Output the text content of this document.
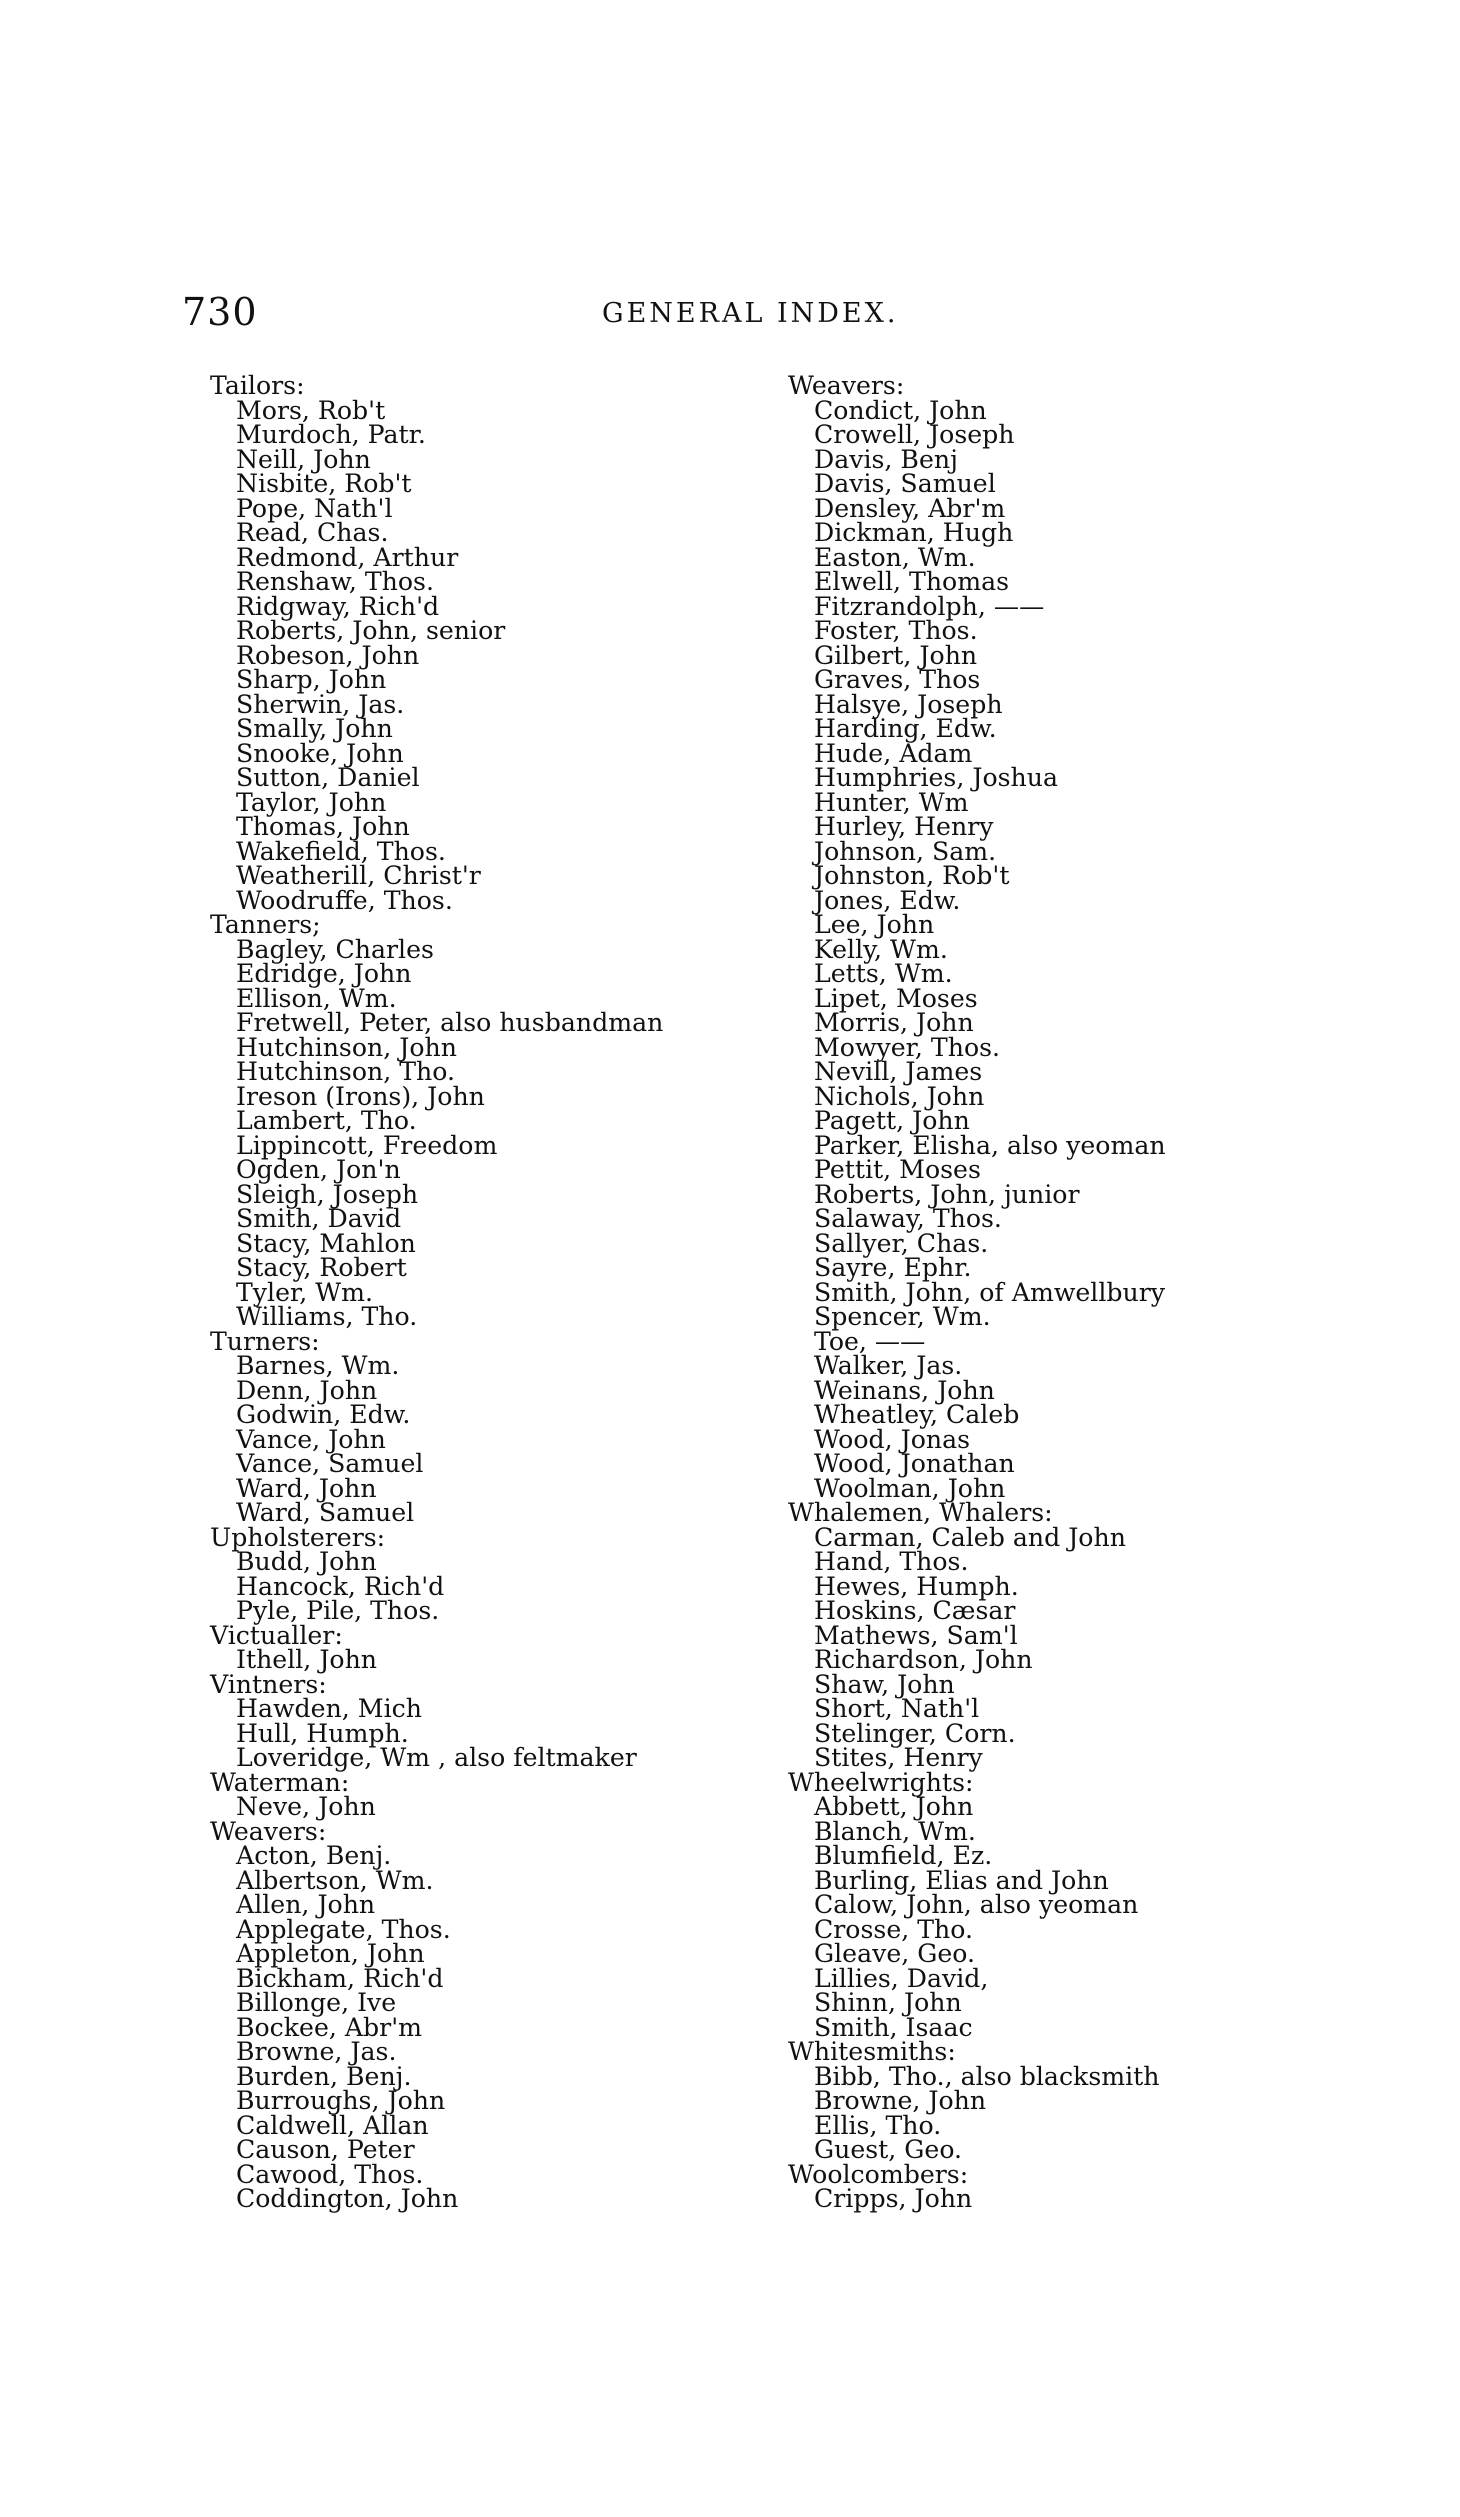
730	GENERAL INDEX.
Tailors:
Mors, Rob't
Murdoch, Patr.
Neill, John
Nisbite, Rob't
Pope, Nath'l
Read, Chas.
Redmond, Arthur
Renshaw, Thos.
Ridgway, Rich'd
Roberts, John, senior
Robeson, John
Sharp, John
Sherwin, Jas.
Smally, John
Snooke, John
Sutton, Daniel
Taylor, John
Thomas, John
Wakefield, Thos.
Weatherill, Christ'r
Woodruffe, Thos.
Tanners;
Bagley, Charles
Edridge, John
Ellison, Wm.
Fretwell, Peter, also husbandman
Hutchinson, John
Hutchinson, Tho.
Ireson (Irons), John
Lambert, Tho.
Lippincott, Freedom
Ogden, Jon'n
Sleigh, Joseph
Smith, David
Stacy, Mahlon
Stacy, Robert
Tyler, Wm.
Williams, Tho.
Turners:
Barnes, Wm.
Denn, John
Godwin, Edw.
Vance, John
Vance, Samuel
Ward, John
Ward, Samuel
Upholsterers:
Budd, John
Hancock, Rich'd
Pyle, Pile, Thos.
Victualler:
Ithell, John
Vintners:
Hawden, Mich
Hull, Humph.
Loveridge, Wm , also feltmaker
Waterman:
Neve, John
Weavers:
Acton, Benj.
Albertson, Wm.
Allen, John
Applegate, Thos.
Appleton, John
Bickham, Rich'd
Billonge, Ive
Bockee, Abr'm
Browne, Jas.
Burden, Benj.
Burroughs, John
Caldwell, Allan
Causon, Peter
Cawood, Thos.
Coddington, John
Weavers:
Condict, John
Crowell, Joseph
Davis, Benj
Davis, Samuel
Densley, Abr'm
Dickman, Hugh
Easton, Wm.
Elwell, Thomas
Fitzrandolph, ——
Foster, Thos.
Gilbert, John
Graves, Thos
Halsye, Joseph
Harding, Edw.
Hude, Adam
Humphries, Joshua
Hunter, Wm
Hurley, Henry
Johnson, Sam.
Johnston, Rob't
Jones, Edw.
Lee, John
Kelly, Wm.
Letts, Wm.
Lipet, Moses
Morris, John
Mowyer, Thos.
Nevill, James
Nichols, John
Pagett, John
Parker, Elisha, also yeoman
Pettit, Moses
Roberts, John, junior
Salaway, Thos.
Sallyer, Chas.
Sayre, Ephr.
Smith, John, of Amwellbury
Spencer, Wm.
Toe, ——
Walker, Jas.
Weinans, John
Wheatley, Caleb
Wood, Jonas
Wood, Jonathan
Woolman, John
Whalemen, Whalers:
Carman, Caleb and John
Hand, Thos.
Hewes, Humph.
Hoskins, Cæsar
Mathews, Sam'l
Richardson, John
Shaw, John
Short, Nath'l
Stelinger, Corn.
Stites, Henry
Wheelwrights:
Abbett, John
Blanch, Wm.
Blumfield, Ez.
Burling, Elias and John
Calow, John, also yeoman
Crosse, Tho.
Gleave, Geo.
Lillies, David,
Shinn, John
Smith, Isaac
Whitesmiths:
Bibb, Tho., also blacksmith
Browne, John
Ellis, Tho.
Guest, Geo.
Woolcombers:
Cripps, John
